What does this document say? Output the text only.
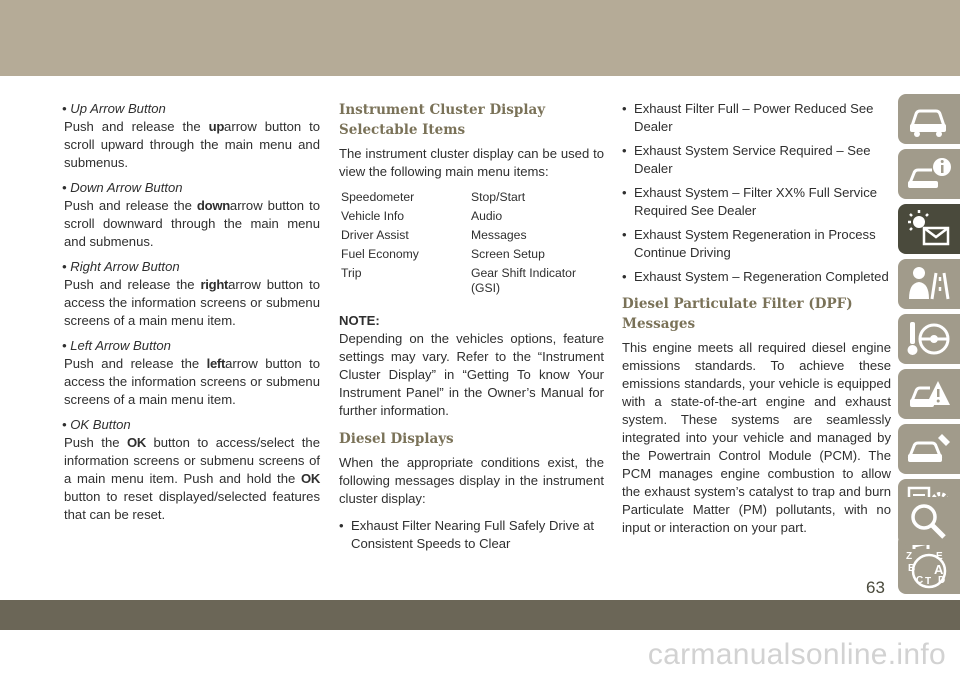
• Up Arrow Button
Push and release the uparrow button to scroll upward through the main menu and submenus.
• Down Arrow Button
Push and release the downarrow button to scroll downward through the main menu and submenus.
• Right Arrow Button
Push and release the rightarrow button to access the information screens or submenu screens of a main menu item.
• Left Arrow Button
Push and release the leftarrow button to access the information screens or submenu screens of a main menu item.
• OK Button
Push the OK button to access/select the information screens or submenu screens of a main menu item. Push and hold the OK button to reset displayed/selected features that can be reset.
Instrument Cluster Display Selectable Items
The instrument cluster display can be used to view the following main menu items:
Speedometer	Stop/Start
Vehicle Info	Audio
Driver Assist	Messages
Fuel Economy	Screen Setup
Trip	Gear Shift Indicator (GSI)
NOTE:
Depending on the vehicles options, feature settings may vary. Refer to the “Instrument Cluster Display” in “Getting To know Your Instrument Panel” in the Owner’s Manual for further information.
Diesel Displays
When the appropriate conditions exist, the following messages display in the instrument cluster display:
• Exhaust Filter Nearing Full Safely Drive at Consistent Speeds to Clear
• Exhaust Filter Full – Power Reduced See Dealer
• Exhaust System Service Required – See Dealer
• Exhaust System – Filter XX% Full Service Required See Dealer
• Exhaust System Regeneration in Process Continue Driving
• Exhaust System – Regeneration Completed
Diesel Particulate Filter (DPF) Messages
This engine meets all required diesel engine emissions standards. To achieve these emissions standards, your vehicle is equipped with a state-of-the-art engine and exhaust system. These systems are seamlessly integrated into your vehicle and managed by the Powertrain Control Module (PCM). The PCM manages engine combustion to allow the exhaust system’s catalyst to trap and burn Particulate Matter (PM) pollutants, with no input or interaction on your part.
Z E
B A
C T D
63
carmanualsonline.info
